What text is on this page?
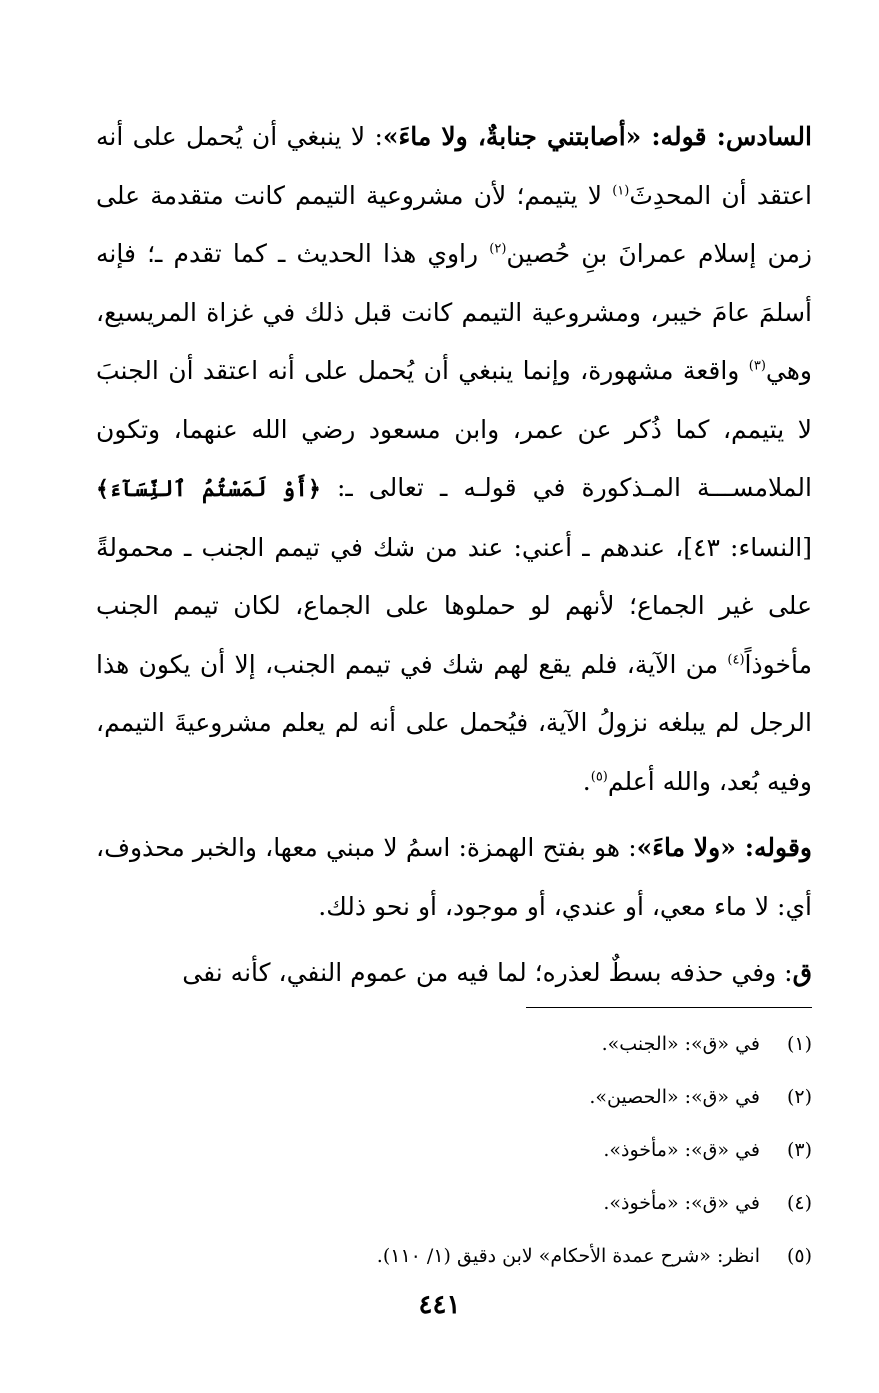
السادس: قوله: «أصابتني جنابةٌ، ولا ماءَ»: لا ينبغي أن يُحمل على أنه اعتقد أن المحدِثَ$^{(١)}$ لا يتيمم؛ لأن مشروعية التيمم كانت متقدمة على زمن إسلام عمرانَ بنِ حُصين$^{(٢)}$ راوي هذا الحديث ـ كما تقدم ـ؛ فإنه أسلمَ عامَ خيبر، ومشروعية التيمم كانت قبل ذلك في غزاة المريسيع، وهي$^{(٣)}$ واقعة مشهورة، وإنما ينبغي أن يُحمل على أنه اعتقد أن الجنبَ لا يتيمم، كما ذُكر عن عمر، وابن مسعود رضي الله عنهما، وتكون الملامســـة المـذكورة في قولـه ـ تعالى ـ: ﴿أَوْ لَمَسْتُمُ ٱلنِّسَآءَ﴾[النساء: ٤٣]، عندهم ـ أعني: عند من شك في تيمم الجنب ـ محمولةً على غير الجماع؛ لأنهم لو حملوها على الجماع، لكان تيمم الجنب مأخوذاً$^{(٤)}$ من الآية، فلم يقع لهم شك في تيمم الجنب، إلا أن يكون هذا الرجل لم يبلغه نزولُ الآية، فيُحمل على أنه لم يعلم مشروعيةَ التيمم، وفيه بُعد، والله أعلم$^{(٥)}$.

وقوله: «ولا ماءَ»: هو بفتح الهمزة: اسمُ لا مبني معها، والخبر محذوف، أي: لا ماء معي، أو عندي، أو موجود، أو نحو ذلك.

ق: وفي حذفه بسطٌ لعذره؛ لما فيه من عموم النفي، كأنه نفى

(١)
في «ق»: «الجنب».
(٢)
في «ق»: «الحصين».
(٣)
في «ق»: «مأخوذ».
(٤)
في «ق»: «مأخوذ».
(٥)
انظر: «شرح عمدة الأحكام» لابن دقيق (١/ ١١٠).
٤٤١
